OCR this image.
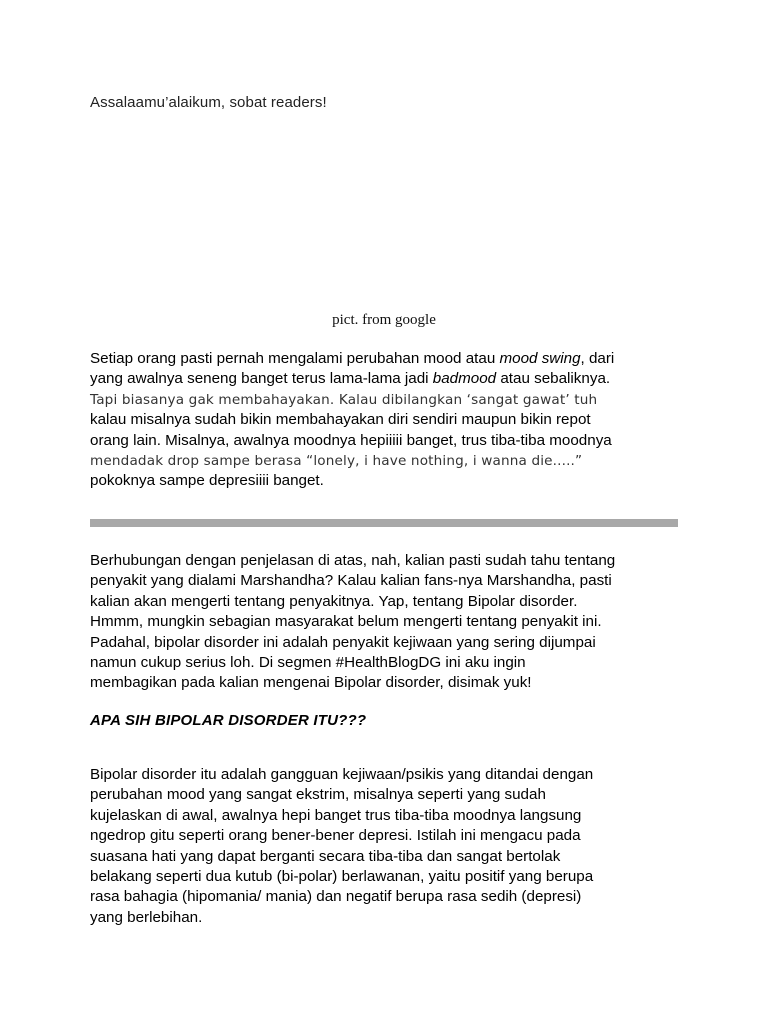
Assalaamu’alaikum, sobat readers!
pict. from google
Setiap orang pasti pernah mengalami perubahan mood atau mood swing, dari
yang awalnya seneng banget terus lama-lama jadi badmood atau sebaliknya.
Tapi biasanya gak membahayakan. Kalau dibilangkan ‘sangat gawat’ tuh
kalau misalnya sudah bikin membahayakan diri sendiri maupun bikin repot
orang lain. Misalnya, awalnya moodnya hepiiiii banget, trus tiba-tiba moodnya
mendadak drop sampe berasa “lonely, i have nothing, i wanna die.....”
pokoknya sampe depresiiii banget.
Berhubungan dengan penjelasan di atas, nah, kalian pasti sudah tahu tentang
penyakit yang dialami Marshandha? Kalau kalian fans-nya Marshandha, pasti
kalian akan mengerti tentang penyakitnya. Yap, tentang Bipolar disorder.
Hmmm, mungkin sebagian masyarakat belum mengerti tentang penyakit ini.
Padahal, bipolar disorder ini adalah penyakit kejiwaan yang sering dijumpai
namun cukup serius loh. Di segmen #HealthBlogDG ini aku ingin
membagikan pada kalian mengenai Bipolar disorder, disimak yuk!
APA SIH BIPOLAR DISORDER ITU???
Bipolar disorder itu adalah gangguan kejiwaan/psikis yang ditandai dengan
perubahan mood yang sangat ekstrim, misalnya seperti yang sudah
kujelaskan di awal, awalnya hepi banget trus tiba-tiba moodnya langsung
ngedrop gitu seperti orang bener-bener depresi. Istilah ini mengacu pada
suasana hati yang dapat berganti secara tiba-tiba dan sangat bertolak
belakang seperti dua kutub (bi-polar) berlawanan, yaitu positif yang berupa
rasa bahagia (hipomania/ mania) dan negatif berupa rasa sedih (depresi)
yang berlebihan.
